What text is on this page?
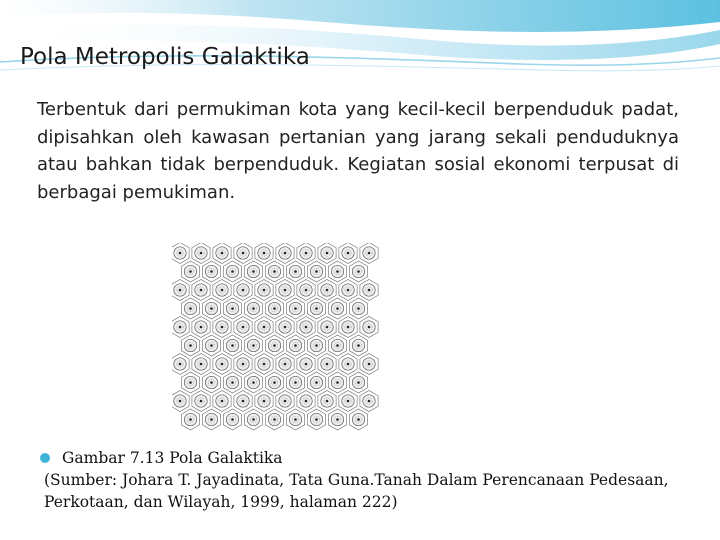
Pola Metropolis Galaktika

Terbentuk dari permukiman kota yang kecil-kecil berpenduduk padat, dipisahkan oleh kawasan pertanian yang jarang sekali penduduknya atau bahkan tidak berpenduduk. Kegiatan sosial ekonomi terpusat di berbagai pemukiman.

Gambar 7.13 Pola Galaktika
(Sumber: Johara T. Jayadinata, Tata Guna.Tanah Dalam Perencanaan Pedesaan, Perkotaan, dan Wilayah, 1999, halaman 222)
